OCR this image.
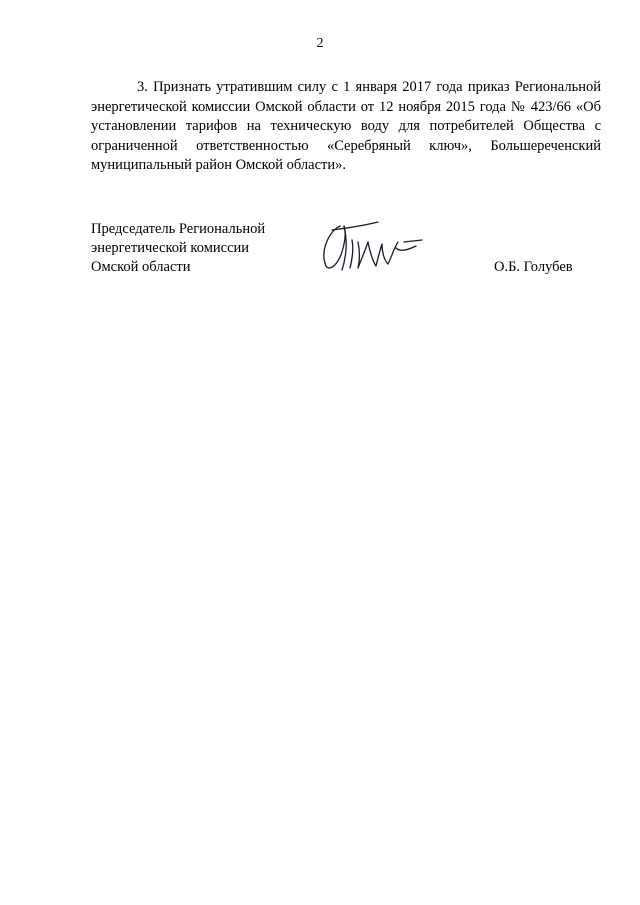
2

3. Признать утратившим силу с 1 января 2017 года приказ Региональной энергетической комиссии Омской области от 12 ноября 2015 года № 423/66 «Об установлении тарифов на техническую воду для потребителей Общества с ограниченной ответственностью «Серебряный ключ», Большереченский муниципальный район Омской области».

Председатель Региональной
энергетической комиссии
Омской области	О.Б. Голубев
